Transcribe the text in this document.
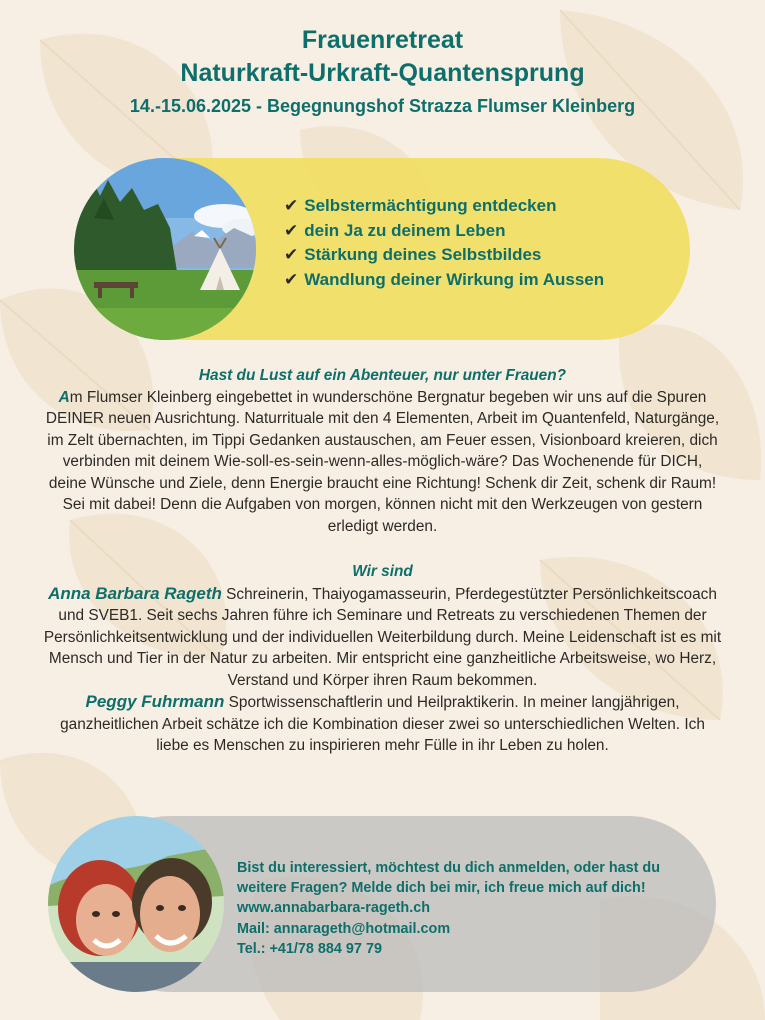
Frauenretreat
Naturkraft-Urkraft-Quantensprung
14.-15.06.2025 - Begegnungshof Strazza Flumser Kleinberg
✔ Selbstermächtigung entdecken
✔ dein Ja zu deinem Leben
✔ Stärkung deines Selbstbildes
✔ Wandlung deiner Wirkung im Aussen
Hast du Lust auf ein Abenteuer, nur unter Frauen?
Am Flumser Kleinberg eingebettet in wunderschöne Bergnatur begeben wir uns auf die Spuren DEINER neuen Ausrichtung. Naturrituale mit den 4 Elementen, Arbeit im Quantenfeld, Naturgänge, im Zelt übernachten, im Tippi Gedanken austauschen, am Feuer essen, Visionboard kreieren, dich verbinden mit deinem Wie-soll-es-sein-wenn-alles-möglich-wäre? Das Wochenende für DICH, deine Wünsche und Ziele, denn Energie braucht eine Richtung! Schenk dir Zeit, schenk dir Raum! Sei mit dabei! Denn die Aufgaben von morgen, können nicht mit den Werkzeugen von gestern erledigt werden.
Wir sind
Anna Barbara Rageth Schreinerin, Thaiyogamasseurin, Pferdegestützter Persönlichkeitscoach und SVEB1. Seit sechs Jahren führe ich Seminare und Retreats zu verschiedenen Themen der Persönlichkeitsentwicklung und der individuellen Weiterbildung durch. Meine Leidenschaft ist es mit Mensch und Tier in der Natur zu arbeiten. Mir entspricht eine ganzheitliche Arbeitsweise, wo Herz, Verstand und Körper ihren Raum bekommen.
Peggy Fuhrmann Sportwissenschaftlerin und Heilpraktikerin. In meiner langjährigen, ganzheitlichen Arbeit schätze ich die Kombination dieser zwei so unterschiedlichen Welten. Ich liebe es Menschen zu inspirieren mehr Fülle in ihr Leben zu holen.
Bist du interessiert, möchtest du dich anmelden, oder hast du
weitere Fragen? Melde dich bei mir, ich freue mich auf dich!
www.annabarbara-rageth.ch
Mail: annarageth@hotmail.com
Tel.: +41/78 884 97 79
